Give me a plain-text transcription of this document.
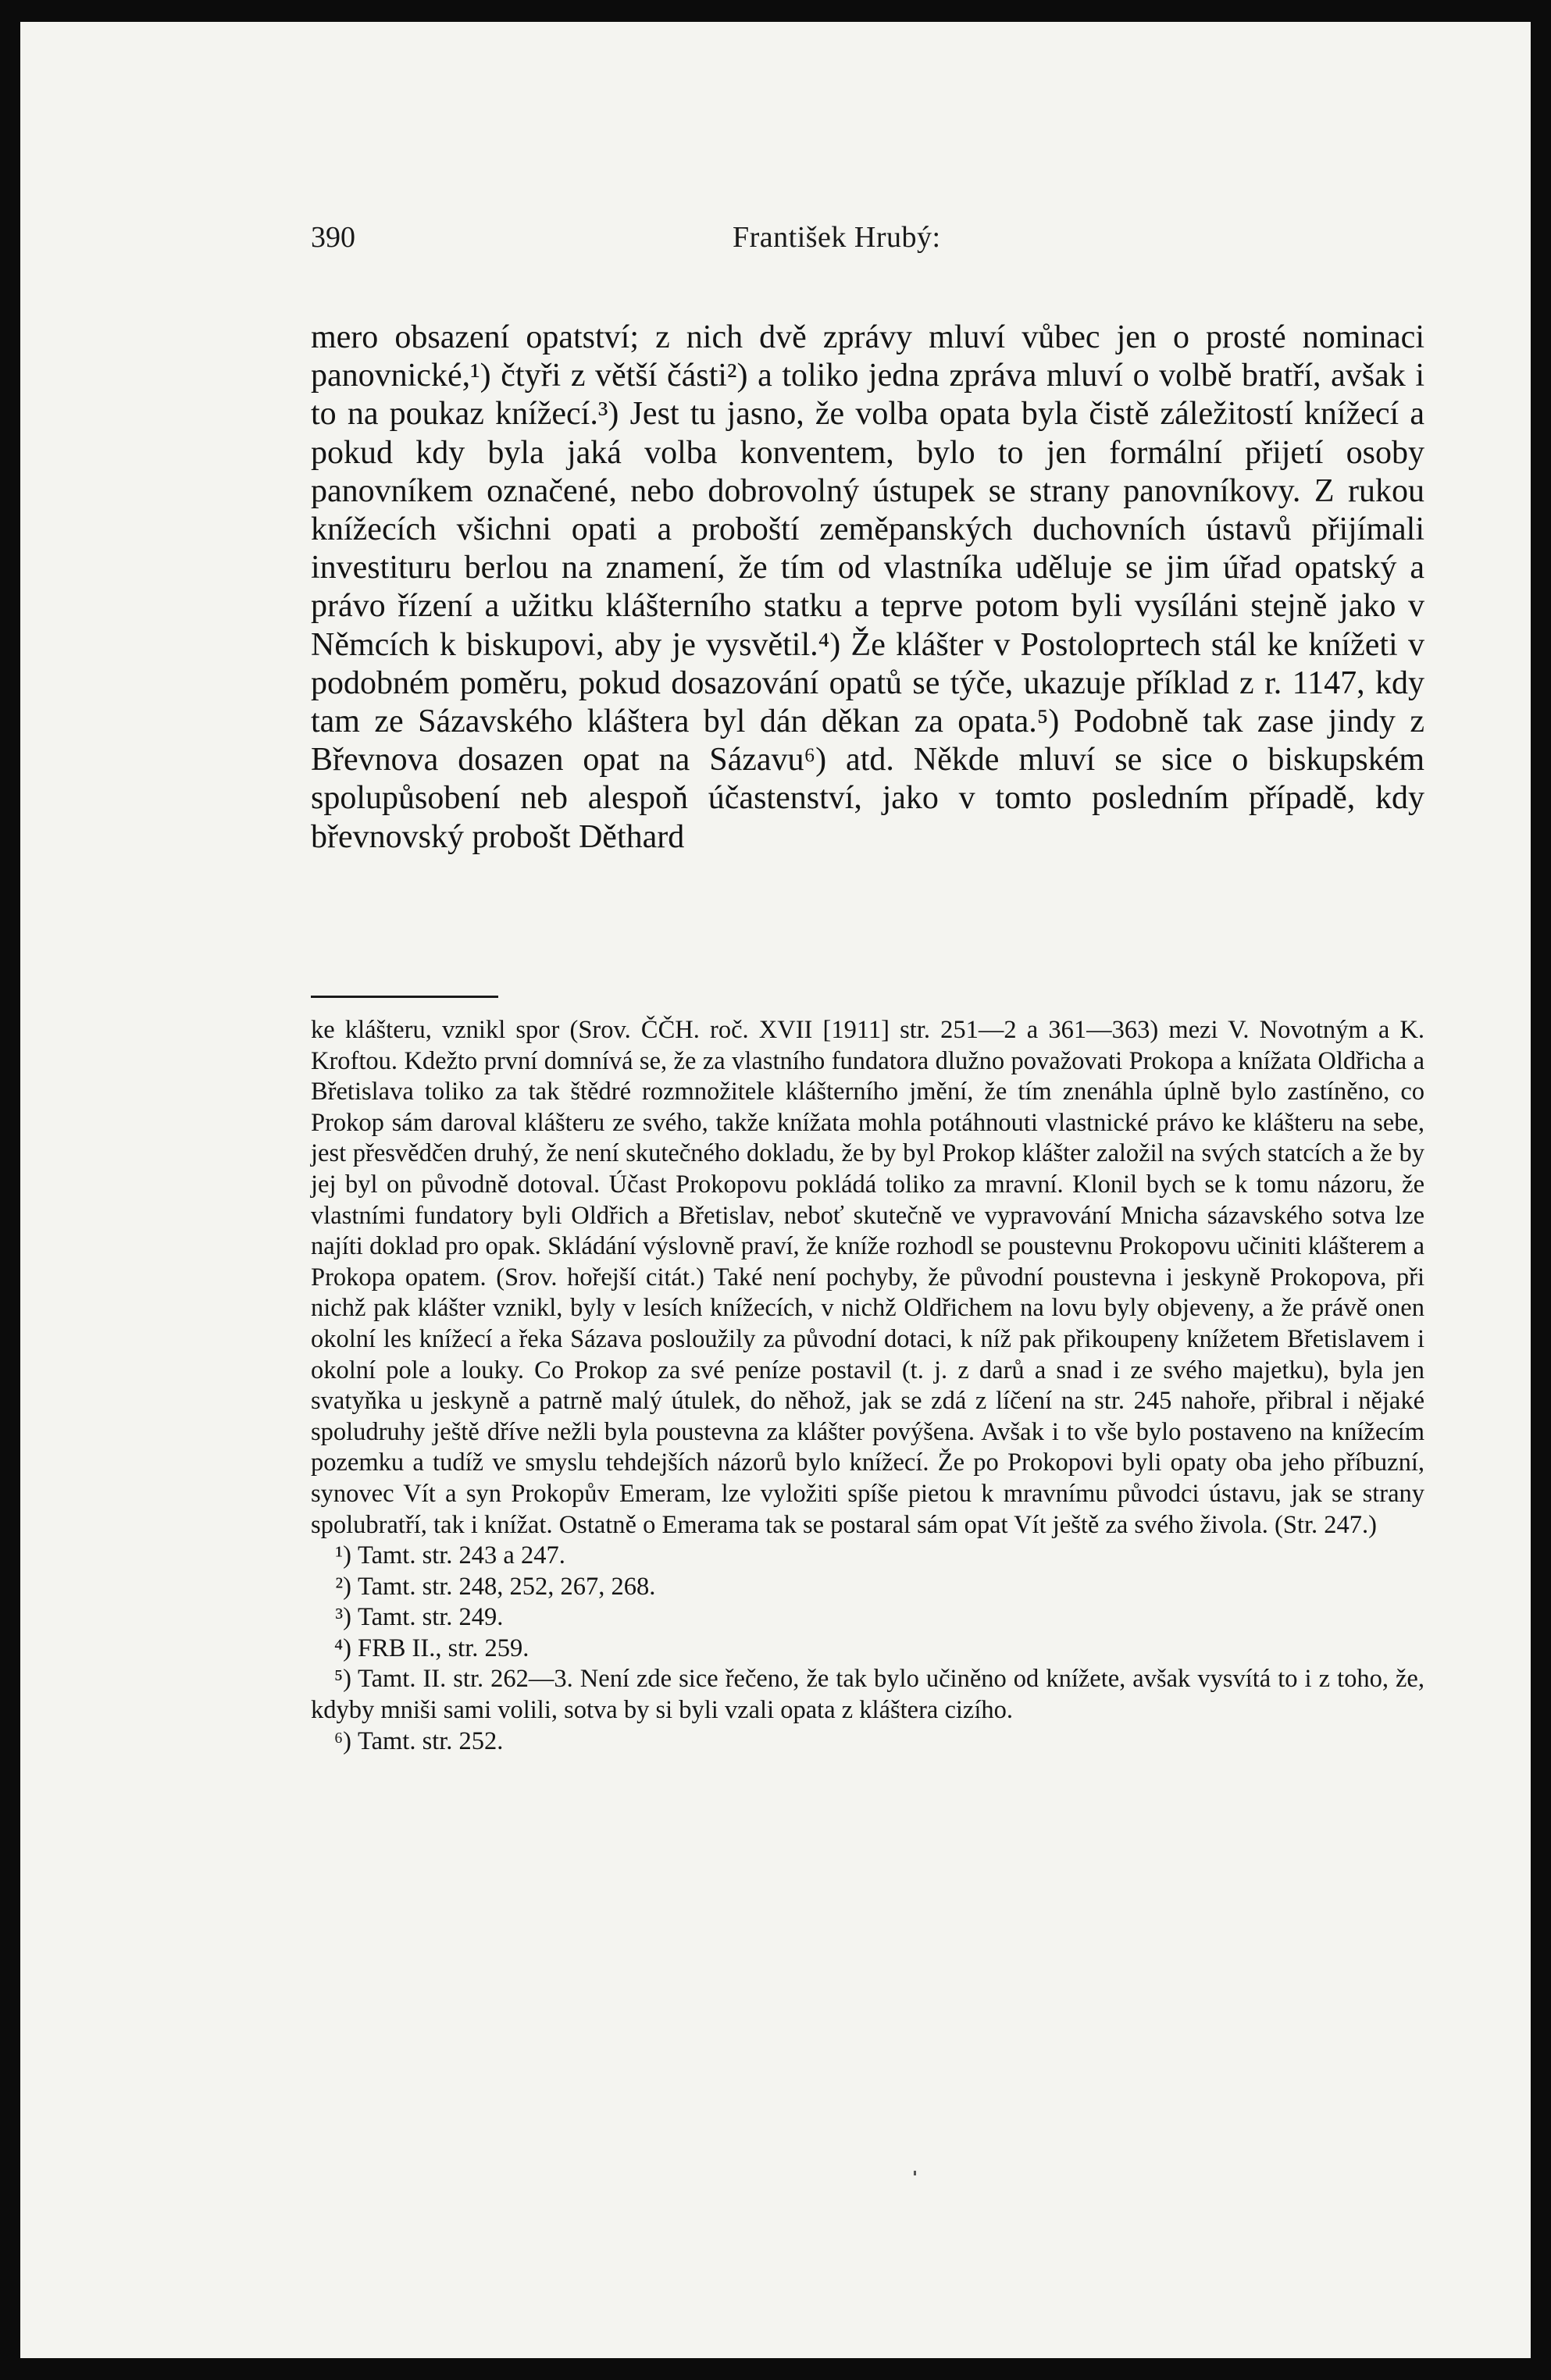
390	František Hrubý:

mero obsazení opatství; z nich dvě zprávy mluví vůbec jen o prosté nominaci panovnické,¹) čtyři z větší části²) a toliko jedna zpráva mluví o volbě bratří, avšak i to na poukaz knížecí.³) Jest tu jasno, že volba opata byla čistě záležitostí knížecí a pokud kdy byla jaká volba konventem, bylo to jen formální přijetí osoby panovníkem označené, nebo dobrovolný ústupek se strany panovníkovy. Z rukou knížecích všichni opati a proboští zeměpanských duchovních ústavů přijímali investituru berlou na znamení, že tím od vlastníka uděluje se jim úřad opatský a právo řízení a užitku klášterního statku a teprve potom byli vysíláni stejně jako v Němcích k biskupovi, aby je vysvětil.⁴) Že klášter v Postoloprtech stál ke knížeti v podobném poměru, pokud dosazování opatů se týče, ukazuje příklad z r. 1147, kdy tam ze Sázavského kláštera byl dán děkan za opata.⁵) Podobně tak zase jindy z Břevnova dosazen opat na Sázavu⁶) atd. Někde mluví se sice o biskupském spolupůsobení neb alespoň účastenství, jako v tomto posledním případě, kdy břevnovský probošt Děthard

ke klášteru, vznikl spor (Srov. ČČH. roč. XVII [1911] str. 251—2 a 361—363) mezi V. Novotným a K. Kroftou. Kdežto první domnívá se, že za vlastního fundatora dlužno považovati Prokopa a knížata Oldřicha a Břetislava toliko za tak štědré rozmnožitele klášterního jmění, že tím znenáhla úplně bylo zastíněno, co Prokop sám daroval klášteru ze svého, takže knížata mohla potáhnouti vlastnické právo ke klášteru na sebe, jest přesvědčen druhý, že není skutečného dokladu, že by byl Prokop klášter založil na svých statcích a že by jej byl on původně dotoval. Účast Prokopovu pokládá toliko za mravní. Klonil bych se k tomu názoru, že vlastními fundatory byli Oldřich a Břetislav, neboť skutečně ve vypravování Mnicha sázavského sotva lze najíti doklad pro opak. Skládání výslovně praví, že kníže rozhodl se poustevnu Prokopovu učiniti klášterem a Prokopa opatem. (Srov. hořejší citát.) Také není pochyby, že původní poustevna i jeskyně Prokopova, při nichž pak klášter vznikl, byly v lesích knížecích, v nichž Oldřichem na lovu byly objeveny, a že právě onen okolní les knížecí a řeka Sázava posloužily za původní dotaci, k níž pak přikoupeny knížetem Břetislavem i okolní pole a louky. Co Prokop za své peníze postavil (t. j. z darů a snad i ze svého majetku), byla jen svatyňka u jeskyně a patrně malý útulek, do něhož, jak se zdá z líčení na str. 245 nahoře, přibral i nějaké spoludruhy ještě dříve nežli byla poustevna za klášter povýšena. Avšak i to vše bylo postaveno na knížecím pozemku a tudíž ve smyslu tehdejších názorů bylo knížecí. Že po Prokopovi byli opaty oba jeho příbuzní, synovec Vít a syn Prokopův Emeram, lze vyložiti spíše pietou k mravnímu původci ústavu, jak se strany spolubratří, tak i knížat. Ostatně o Emerama tak se postaral sám opat Vít ještě za svého živola. (Str. 247.)

¹) Tamt. str. 243 a 247.

²) Tamt. str. 248, 252, 267, 268.

³) Tamt. str. 249.

⁴) FRB II., str. 259.

⁵) Tamt. II. str. 262—3. Není zde sice řečeno, že tak bylo učiněno od knížete, avšak vysvítá to i z toho, že, kdyby mniši sami volili, sotva by si byli vzali opata z kláštera cizího.

⁶) Tamt. str. 252.
